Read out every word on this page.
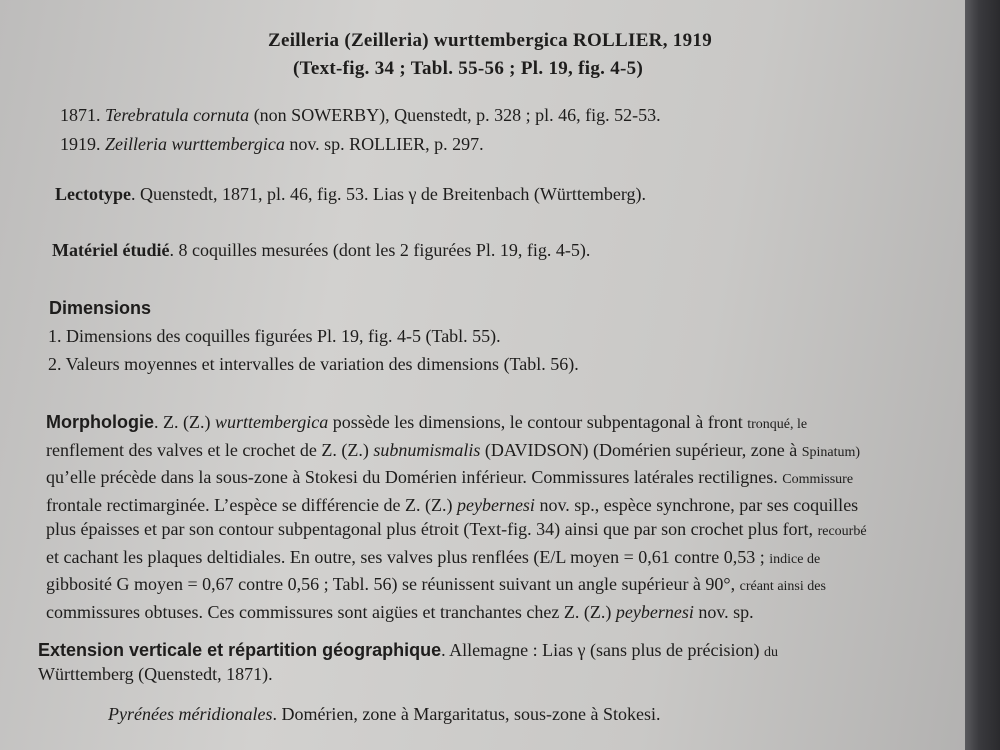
Zeilleria (Zeilleria) wurttembergica ROLLIER, 1919
(Text-fig. 34 ; Tabl. 55-56 ; Pl. 19, fig. 4-5)
1871. Terebratula cornuta (non SOWERBY), Quenstedt, p. 328 ; pl. 46, fig. 52-53.
1919. Zeilleria wurttembergica nov. sp. ROLLIER, p. 297.
Lectotype. Quenstedt, 1871, pl. 46, fig. 53. Lias γ de Breitenbach (Württemberg).
Matériel étudié. 8 coquilles mesurées (dont les 2 figurées Pl. 19, fig. 4-5).
Dimensions
1. Dimensions des coquilles figurées Pl. 19, fig. 4-5 (Tabl. 55).
2. Valeurs moyennes et intervalles de variation des dimensions (Tabl. 56).
Morphologie. Z. (Z.) wurttembergica possède les dimensions, le contour subpentagonal à front tronqué, le
renflement des valves et le crochet de Z. (Z.) subnumismalis (DAVIDSON) (Domérien supérieur, zone à Spinatum)
qu’elle précède dans la sous-zone à Stokesi du Domérien inférieur. Commissures latérales rectilignes. Commissure
frontale rectimarginée. L’espèce se différencie de Z. (Z.) peybernesi nov. sp., espèce synchrone, par ses coquilles
plus épaisses et par son contour subpentagonal plus étroit (Text-fig. 34) ainsi que par son crochet plus fort, recourbé
et cachant les plaques deltidiales. En outre, ses valves plus renflées (E/L moyen = 0,61 contre 0,53 ; indice de
gibbosité G moyen = 0,67 contre 0,56 ; Tabl. 56) se réunissent suivant un angle supérieur à 90°, créant ainsi des
commissures obtuses. Ces commissures sont aigües et tranchantes chez Z. (Z.) peybernesi nov. sp.
Extension verticale et répartition géographique. Allemagne : Lias γ (sans plus de précision) du
Württemberg (Quenstedt, 1871).
Pyrénées méridionales. Domérien, zone à Margaritatus, sous-zone à Stokesi.
